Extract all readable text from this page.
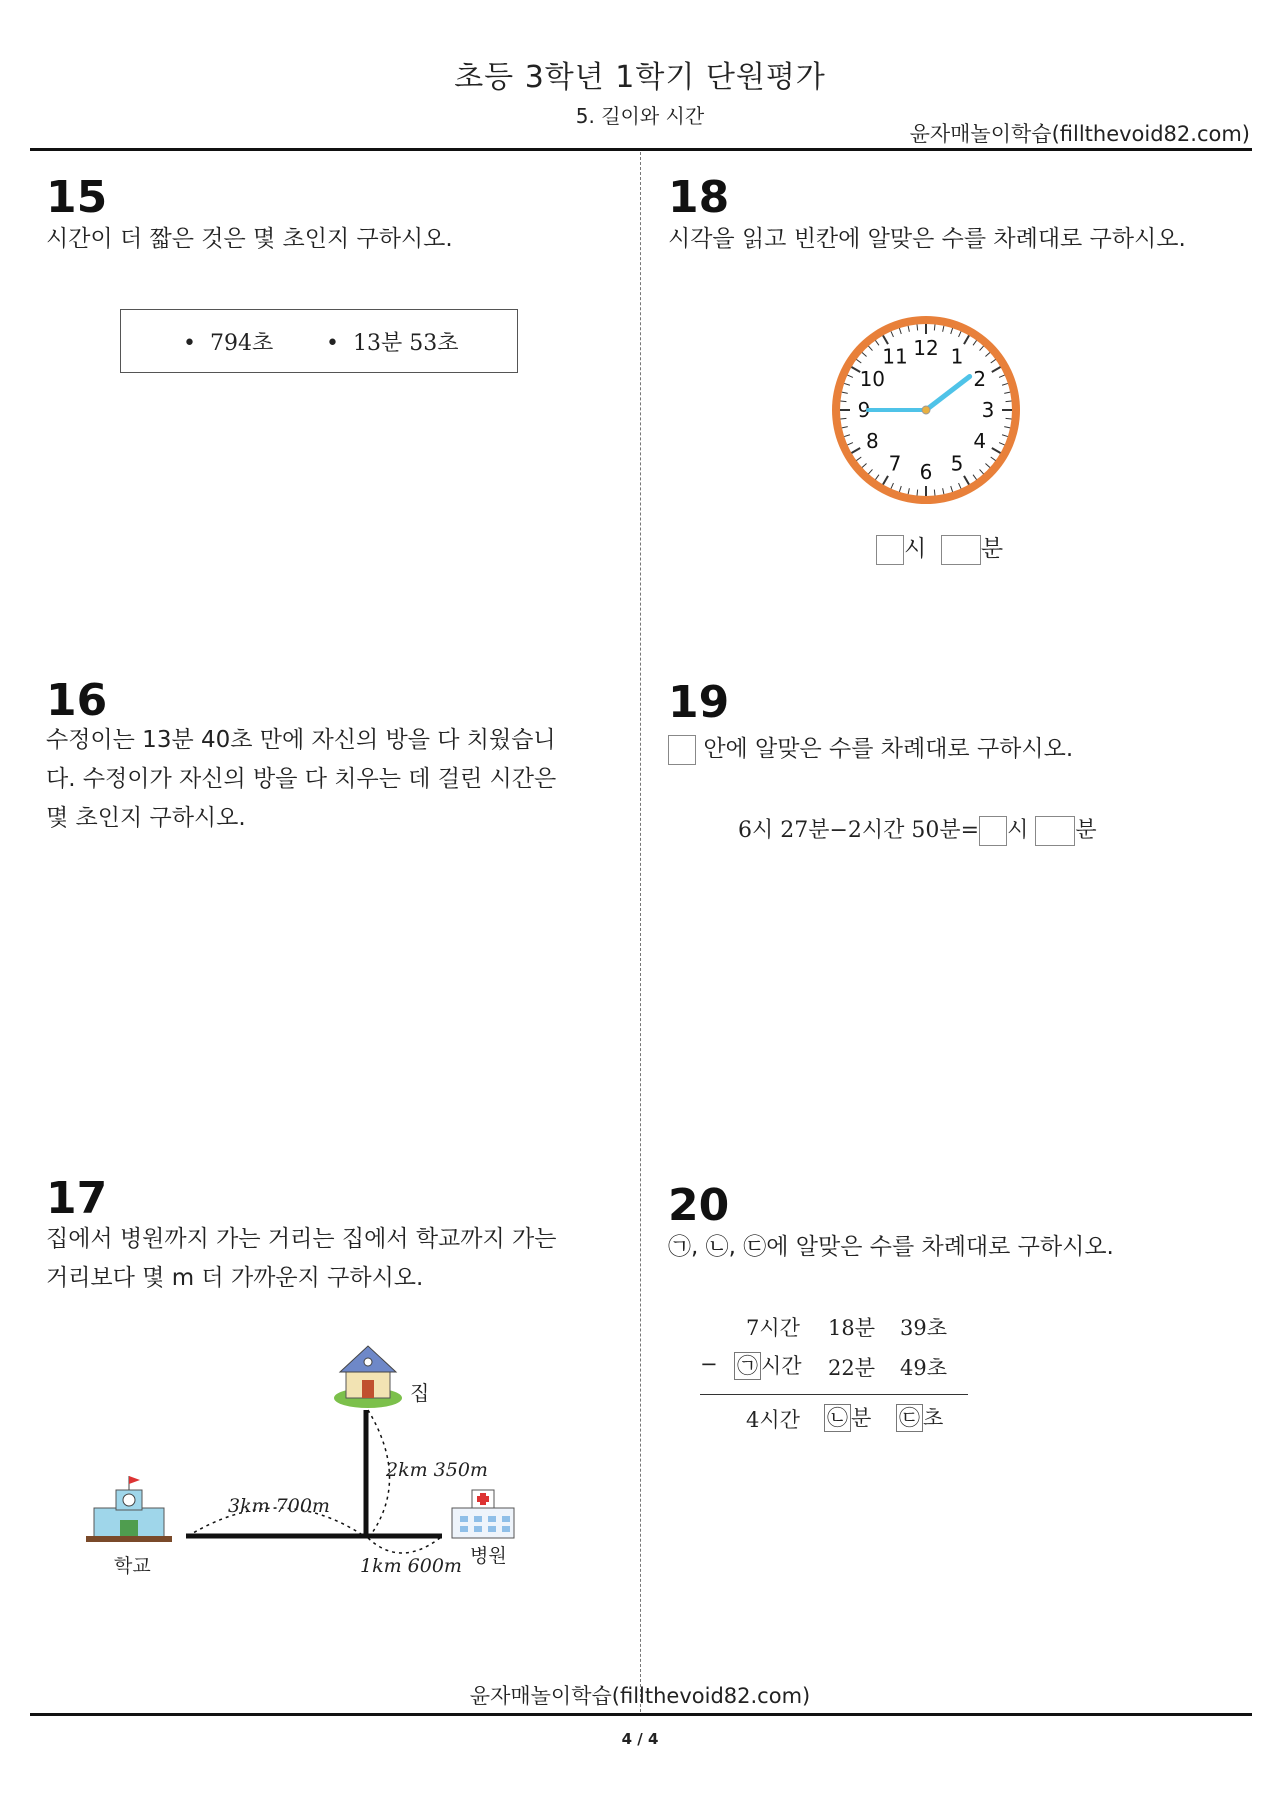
초등 3학년 1학기 단원평가
5. 길이와 시간
윤자매놀이학습(fillthevoid82.com)
15
시간이 더 짧은 것은 몇 초인지 구하시오.
•  794초 •  13분 53초
16
수정이는 13분 40초 만에 자신의 방을 다 치웠습니
다. 수정이가 자신의 방을 다 치우는 데 걸린 시간은
몇 초인지 구하시오.
17
집에서 병원까지 가는 거리는 집에서 학교까지 가는
거리보다 몇 m 더 가까운지 구하시오.
집
학교	병원
3km 700m
2km 350m
1km 600m
18
시각을 읽고 빈칸에 알맞은 수를 차례대로 구하시오.
12 1
2
3
4
5
6
7
8
9
10
11
시 분
19
안에 알맞은 수를 차례대로 구하시오.
6시 27분−2시간 50분= 시 분
20
㉠, ㉡, ㉢에 알맞은 수를 차례대로 구하시오.
7시간 18분 39초
− ㉠ 시간 22분 49초
4시간 ㉡ 분 ㉢ 초
윤자매놀이학습(fillthevoid82.com)
4 / 4
